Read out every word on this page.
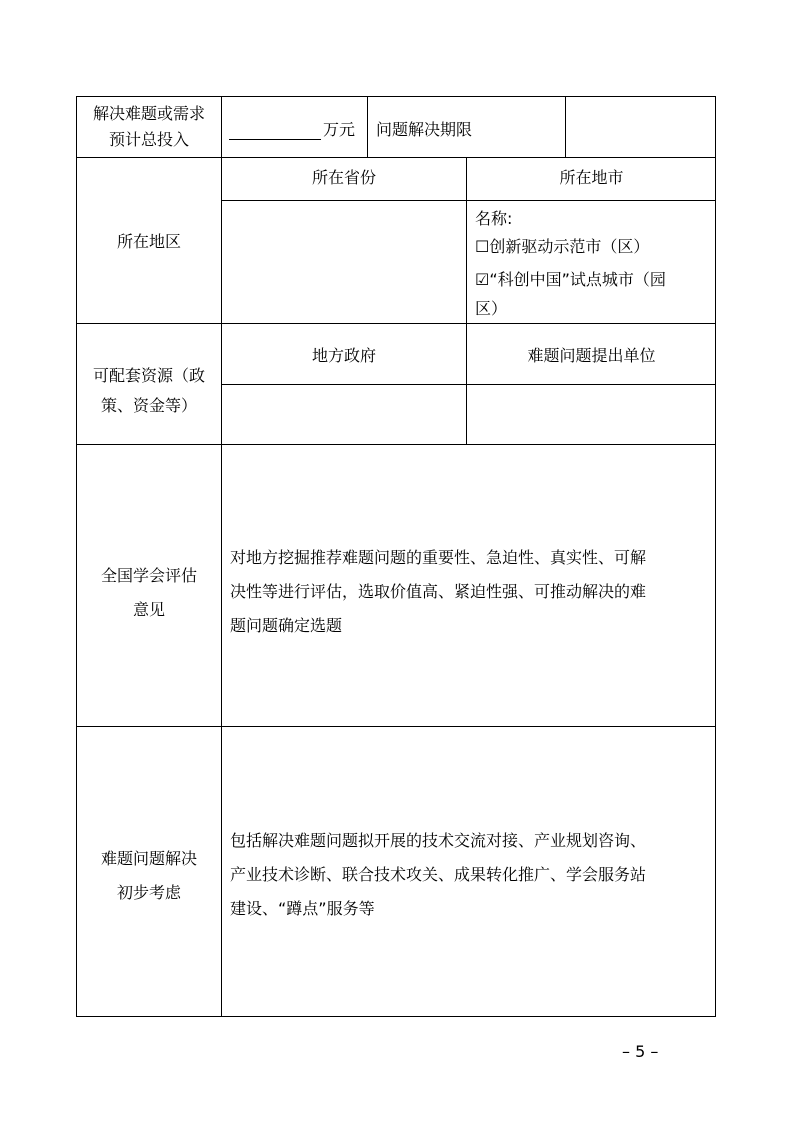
解决难题或需求
预计总投入
万元 问题解决期限
所在地区
所在省份	所在地市
名称:
☐创新驱动示范市（区）
☑“科创中国”试点城市（园
区）
可配套资源（政
策、资金等）
地方政府	难题问题提出单位
全国学会评估
意见
对地方挖掘推荐难题问题的重要性、急迫性、真实性、可解
决性等进行评估，选取价值高、紧迫性强、可推动解决的难
题问题确定选题
难题问题解决
初步考虑
包括解决难题问题拟开展的技术交流对接、产业规划咨询、
产业技术诊断、联合技术攻关、成果转化推广、学会服务站
建设、“蹲点”服务等
– 5 –
